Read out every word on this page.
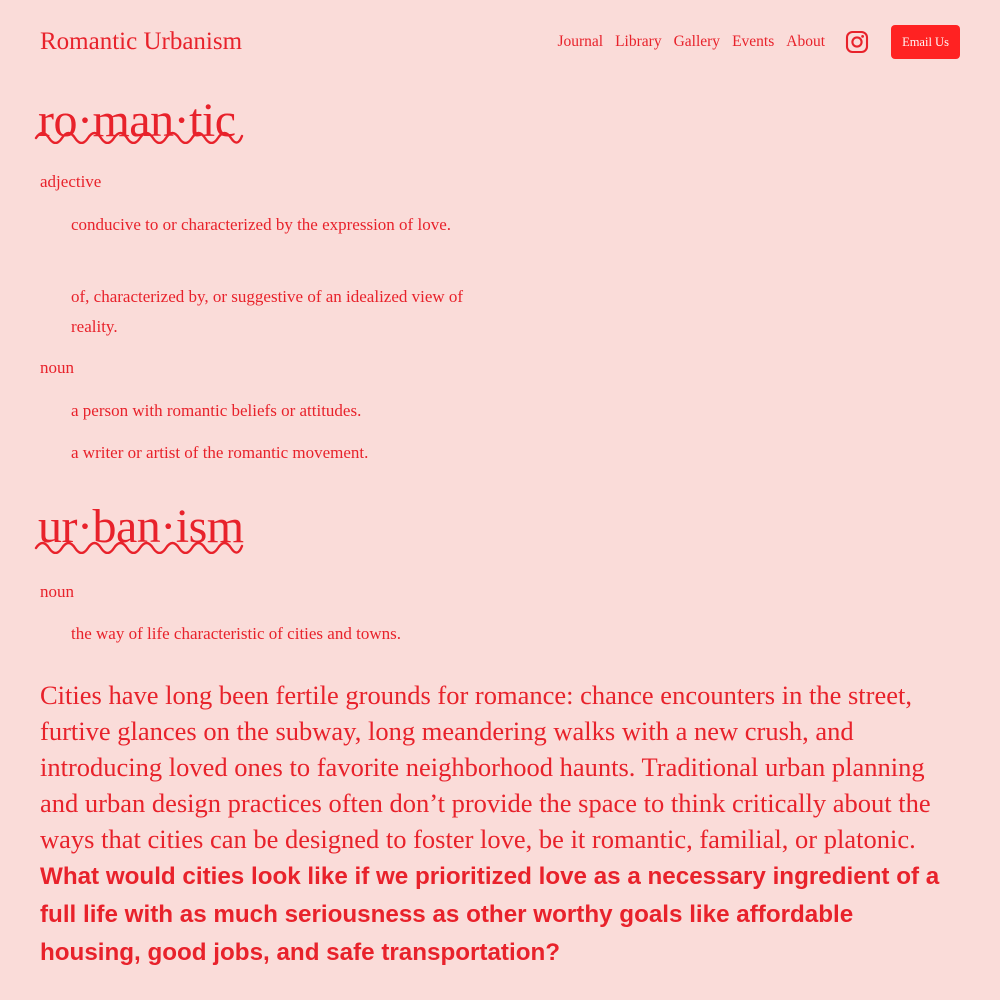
Romantic Urbanism	Journal Library Gallery Events About	Email Us
ro·man·tic
adjective
conducive to or characterized by the expression of love.
of, characterized by, or suggestive of an idealized view of reality.
noun
a person with romantic beliefs or attitudes.
a writer or artist of the romantic movement.
ur·ban·ism
noun
the way of life characteristic of cities and towns.

Cities have long been fertile grounds for romance: chance encounters in the street, furtive glances on the subway, long meandering walks with a new crush, and introducing loved ones to favorite neighborhood haunts. Traditional urban planning and urban design practices often don’t provide the space to think critically about the ways that cities can be designed to foster love, be it romantic, familial, or platonic. What would cities look like if we prioritized love as a necessary ingredient of a full life with as much seriousness as other worthy goals like affordable housing, good jobs, and safe transportation?
